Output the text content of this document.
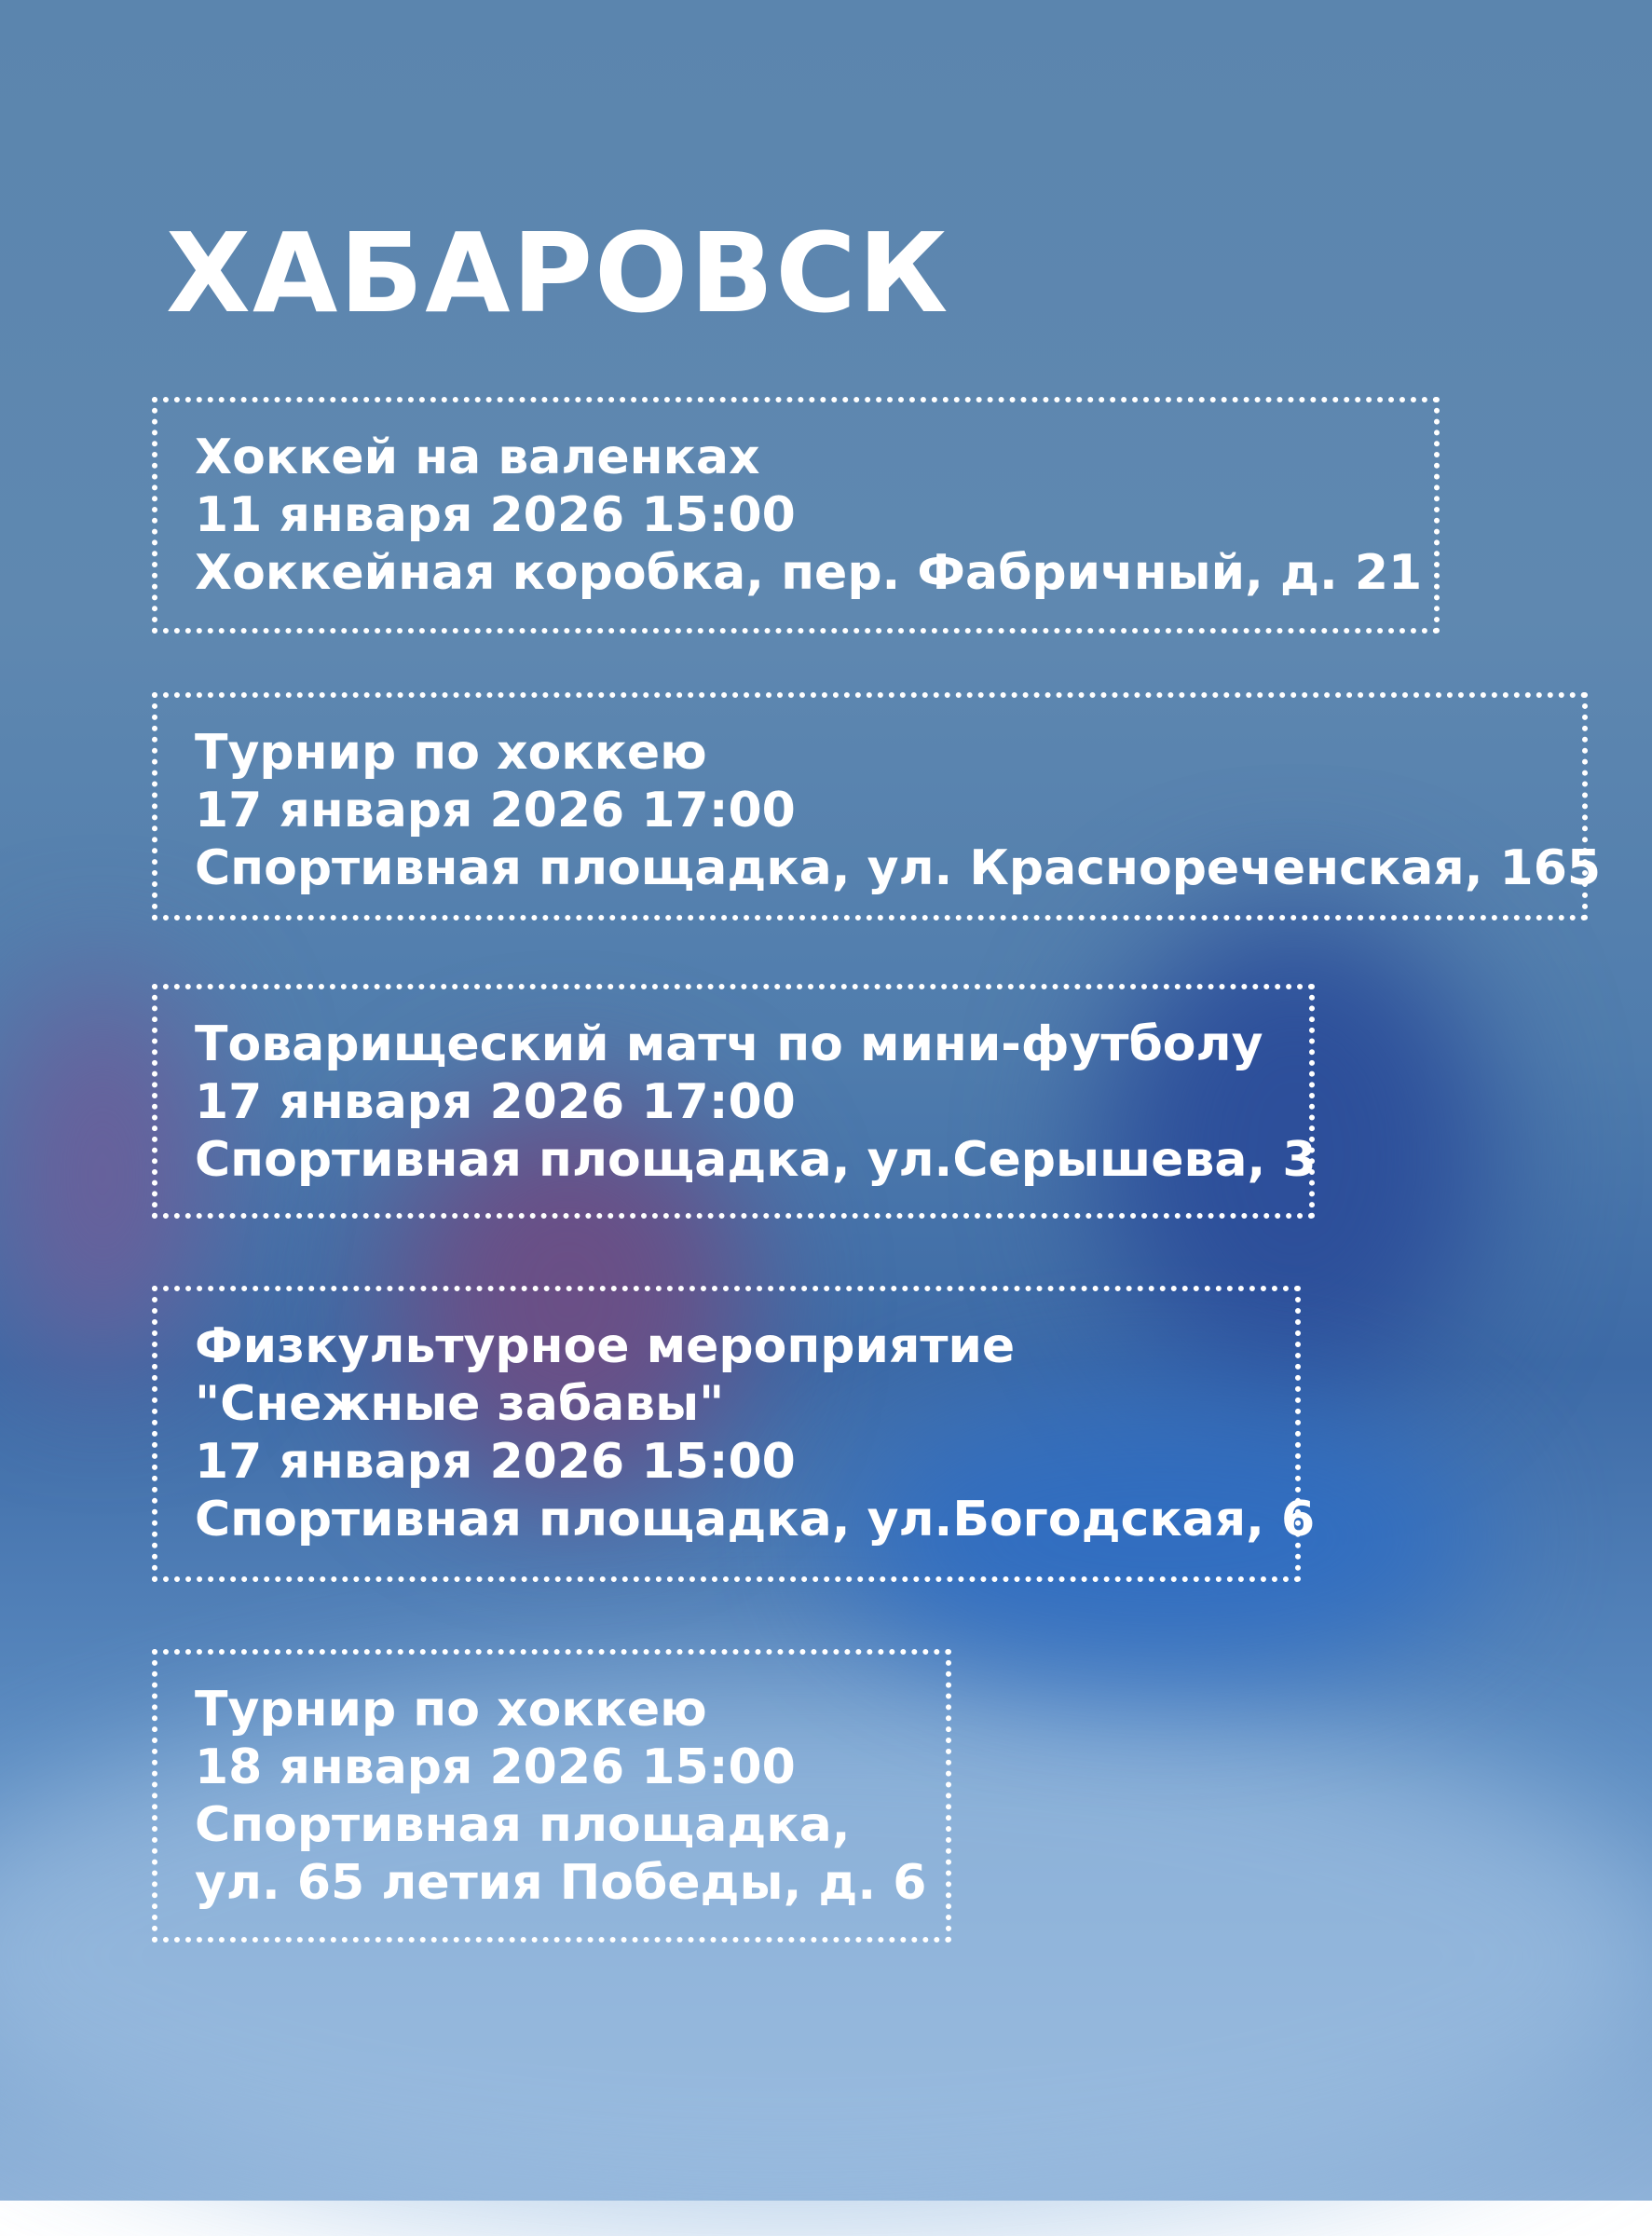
ХАБАРОВСК
Хоккей на валенках
11 января 2026 15:00
Хоккейная коробка, пер. Фабричный, д. 21
Турнир по хоккею
17 января 2026 17:00
Спортивная площадка, ул. Краснореченская, 165
Товарищеский матч по мини-футболу
17 января 2026 17:00
Спортивная площадка, ул.Серышева, 3
Физкультурное мероприятие
"Снежные забавы"
17 января 2026 15:00
Спортивная площадка, ул.Богодская, 6
Турнир по хоккею
18 января 2026 15:00
Спортивная площадка,
ул. 65 летия Победы, д. 6
